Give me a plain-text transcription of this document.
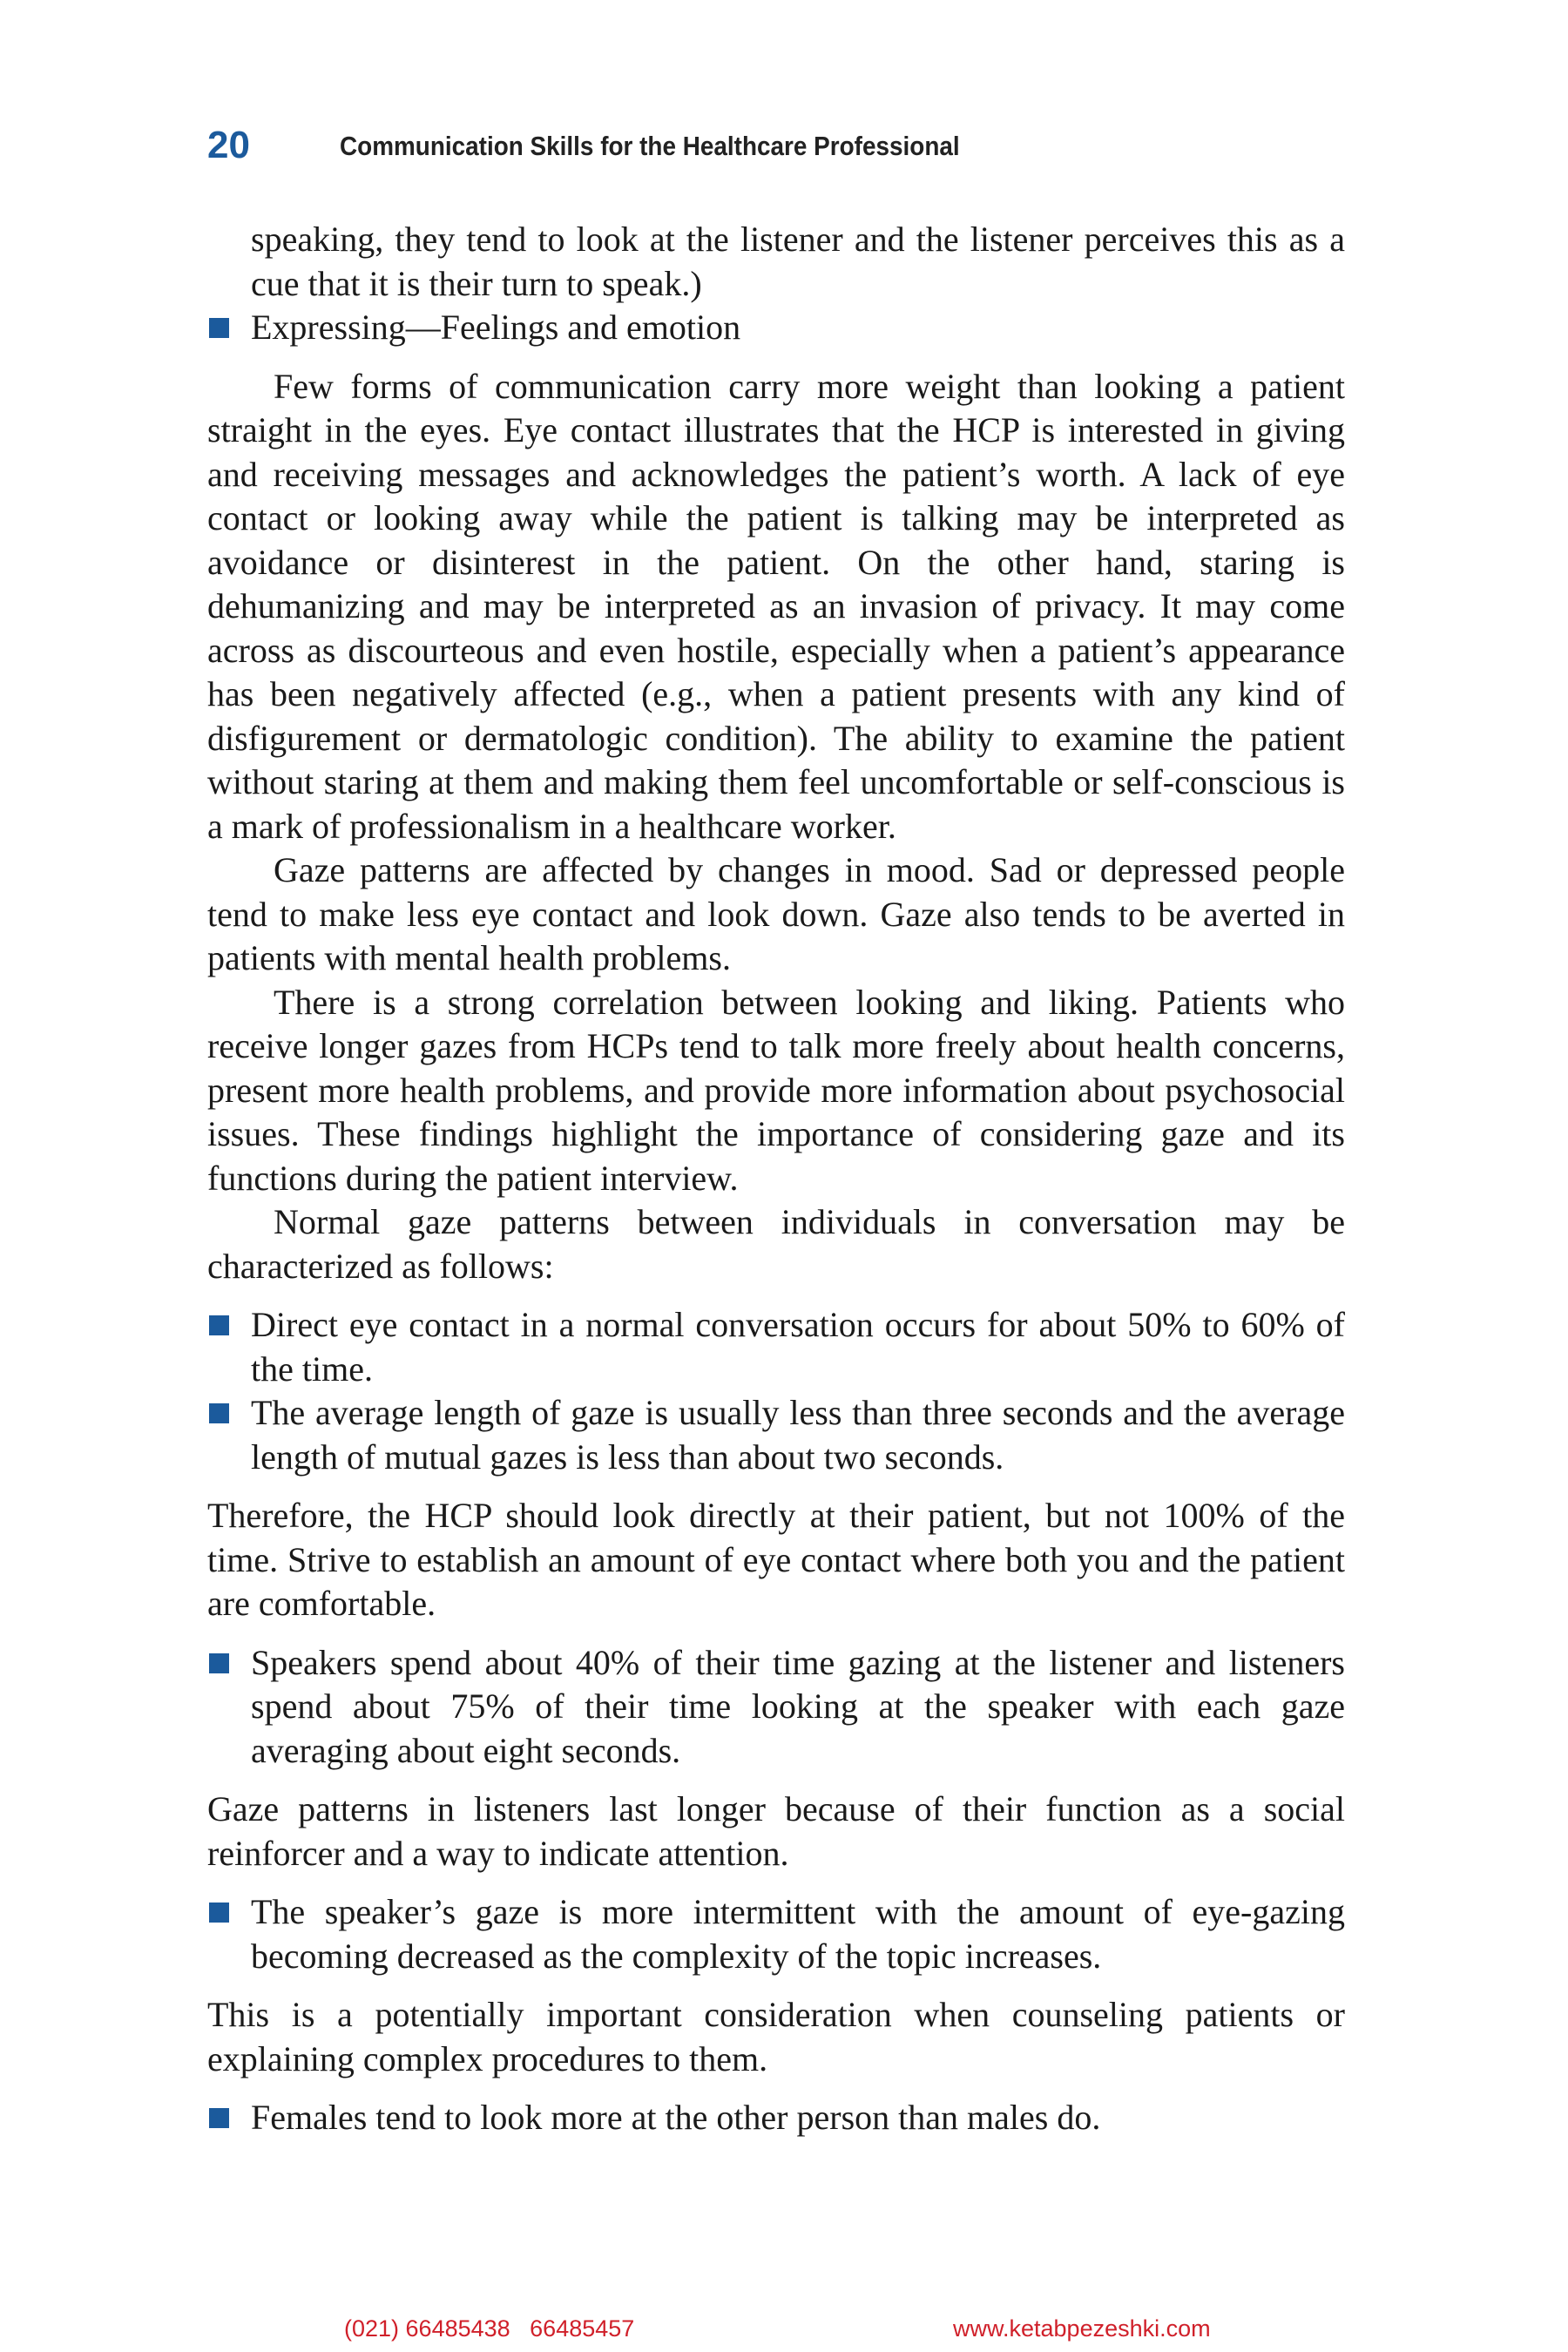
20	Communication Skills for the Healthcare Professional

speaking, they tend to look at the listener and the listener perceives this as a cue that it is their turn to speak.)

Expressing—Feelings and emotion

Few forms of communication carry more weight than looking a patient straight in the eyes. Eye contact illustrates that the HCP is interested in giving and receiving messages and acknowledges the patient’s worth. A lack of eye contact or looking away while the patient is talking may be interpreted as avoidance or disinterest in the patient. On the other hand, staring is dehumanizing and may be interpreted as an invasion of privacy. It may come across as discourteous and even hostile, especially when a patient’s appearance has been negatively affected (e.g., when a patient presents with any kind of disfigurement or dermatologic condition). The ability to examine the patient without staring at them and making them feel uncomfortable or self-conscious is a mark of professionalism in a healthcare worker.

Gaze patterns are affected by changes in mood. Sad or depressed people tend to make less eye contact and look down. Gaze also tends to be averted in patients with mental health problems.

There is a strong correlation between looking and liking. Patients who receive longer gazes from HCPs tend to talk more freely about health concerns, present more health problems, and provide more information about psychosocial issues. These findings highlight the importance of considering gaze and its functions during the patient interview.

Normal gaze patterns between individuals in conversation may be characterized as follows:

Direct eye contact in a normal conversation occurs for about 50% to 60% of the time.

The average length of gaze is usually less than three seconds and the average length of mutual gazes is less than about two seconds.

Therefore, the HCP should look directly at their patient, but not 100% of the time. Strive to establish an amount of eye contact where both you and the patient are comfortable.

Speakers spend about 40% of their time gazing at the listener and listeners spend about 75% of their time looking at the speaker with each gaze averaging about eight seconds.

Gaze patterns in listeners last longer because of their function as a social reinforcer and a way to indicate attention.

The speaker’s gaze is more intermittent with the amount of eye-gazing becoming decreased as the complexity of the topic increases.

This is a potentially important consideration when counseling patients or explaining complex procedures to them.

Females tend to look more at the other person than males do.

(021) 66485438   66485457	www.ketabpezeshki.com
